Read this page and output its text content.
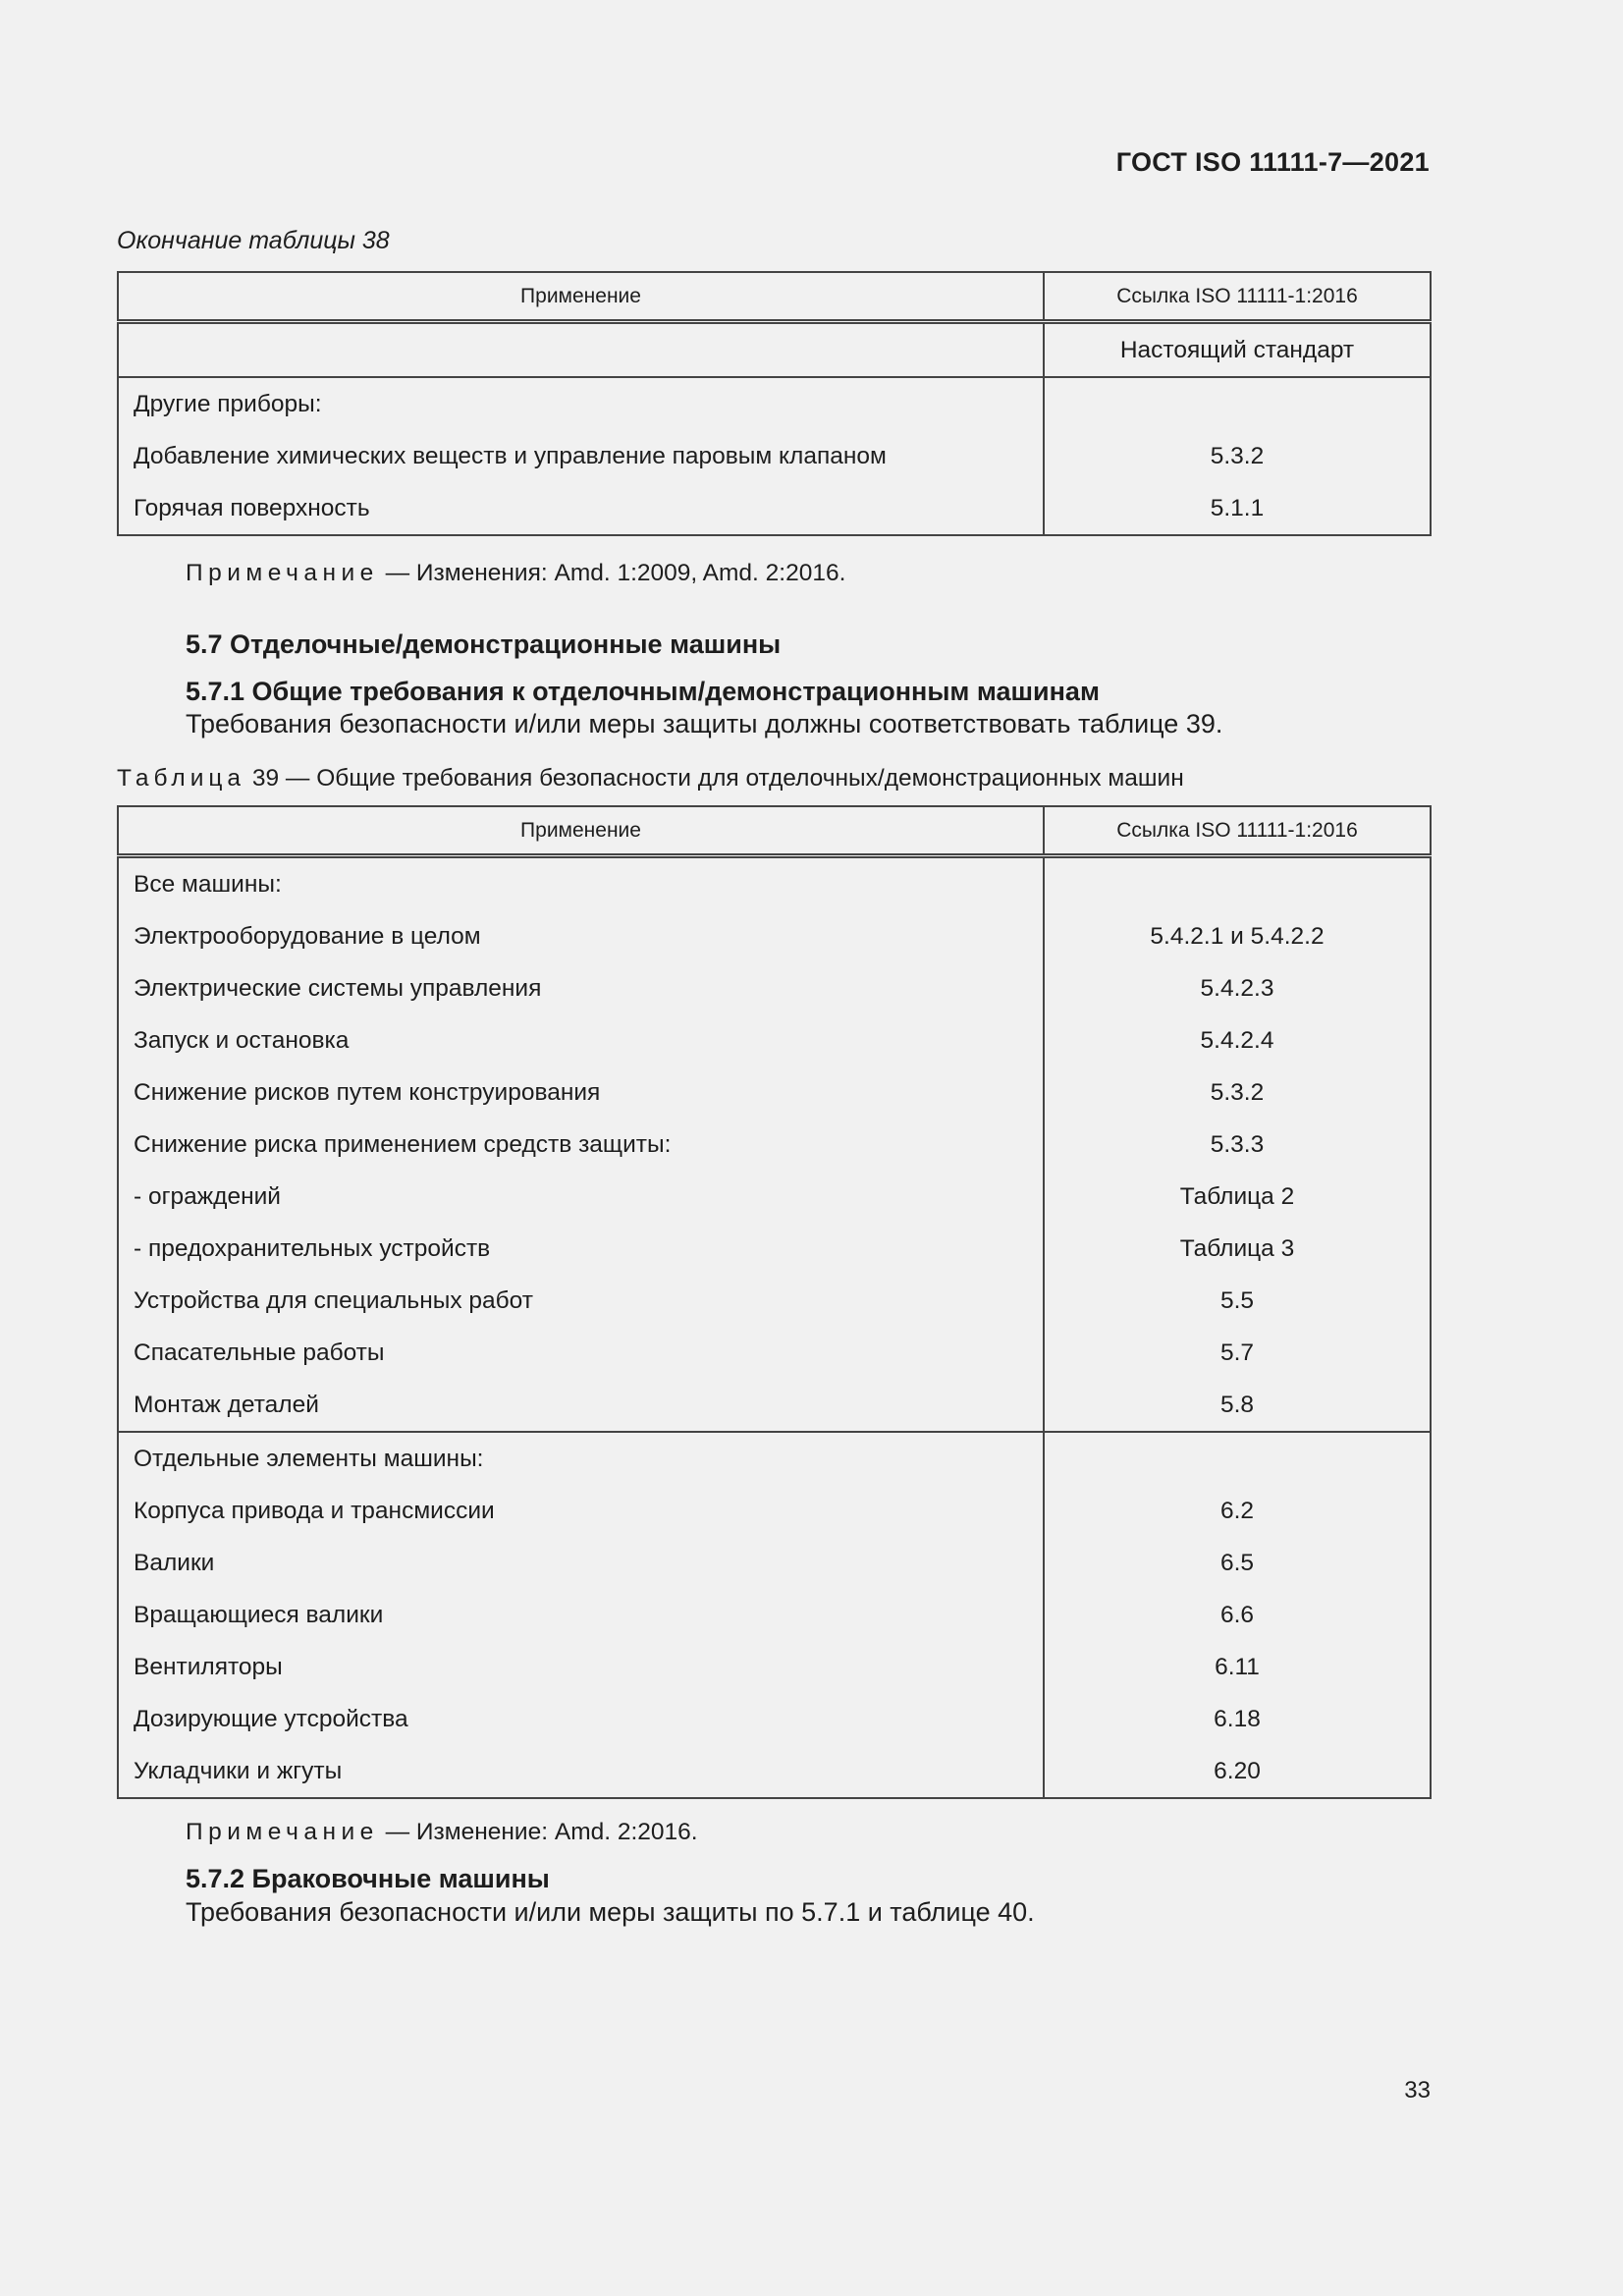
ГОСТ ISO 11111-7—2021
Окончание таблицы 38
Применение	Ссылка ISO 11111-1:2016
	Настоящий стандарт
Другие приборы:	
Добавление химических веществ и управление паровым клапаном	5.3.2
Горячая поверхность	5.1.1
Примечание — Изменения: Amd. 1:2009, Amd. 2:2016.
5.7 Отделочные/демонстрационные машины
5.7.1 Общие требования к отделочным/демонстрационным машинам
Требования безопасности и/или меры защиты должны соответствовать таблице 39.
Таблица 39 — Общие требования безопасности для отделочных/демонстрационных машин
Применение	Ссылка ISO 11111-1:2016
Все машины:	
Электрооборудование в целом	5.4.2.1 и 5.4.2.2
Электрические системы управления	5.4.2.3
Запуск и остановка	5.4.2.4
Снижение рисков путем конструирования	5.3.2
Снижение риска применением средств защиты:	5.3.3
- ограждений	Таблица 2
- предохранительных устройств	Таблица 3
Устройства для специальных работ	5.5
Спасательные работы	5.7
Монтаж деталей	5.8
Отдельные элементы машины:	
Корпуса привода и трансмиссии	6.2
Валики	6.5
Вращающиеся валики	6.6
Вентиляторы	6.11
Дозирующие утсройства	6.18
Укладчики и жгуты	6.20
Примечание — Изменение: Amd. 2:2016.
5.7.2 Браковочные машины
Требования безопасности и/или меры защиты по 5.7.1 и таблице 40.
33
